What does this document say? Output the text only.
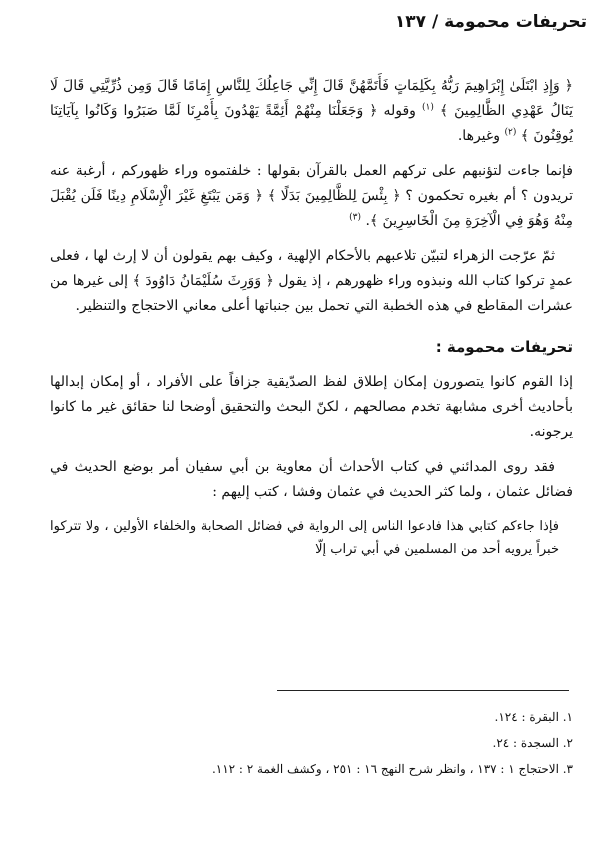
تحريفات محمومة / ١٣٧

﴿ وَإِذِ ابْتَلَىٰ إِبْرَاهِيمَ رَبُّهُ بِكَلِمَاتٍ فَأَتَمَّهُنَّ قَالَ إِنِّي جَاعِلُكَ لِلنَّاسِ إِمَامًا قَالَ وَمِن ذُرِّيَّتِي قَالَ لَا يَنَالُ عَهْدِي الظَّالِمِينَ ﴾ $^{(١)}$ وقوله ﴿ وَجَعَلْنَا مِنْهُمْ أَئِمَّةً يَهْدُونَ بِأَمْرِنَا لَمَّا صَبَرُوا وَكَانُوا بِآيَاتِنَا يُوقِنُونَ ﴾ $^{(٢)}$ وغيرها.

فإنما جاءت لتؤنبهم على تركهم العمل بالقرآن بقولها : خلفتموه وراء ظهوركم ، أرغبة عنه تريدون ؟ أم بغيره تحكمون ؟ ﴿ بِئْسَ لِلظَّالِمِينَ بَدَلًا ﴾ ﴿ وَمَن يَبْتَغِ غَيْرَ الْإِسْلَامِ دِينًا فَلَن يُقْبَلَ مِنْهُ وَهُوَ فِي الْآخِرَةِ مِنَ الْخَاسِرِينَ ﴾. $^{(٣)}$

ثمّ عرّجت الزهراء لتبيّن تلاعبهم بالأحكام الإلهية ، وكيف بهم يقولون أن لا إرث لها ، فعلى عمدٍ تركوا كتاب الله ونبذوه وراء ظهورهم ، إذ يقول ﴿ وَوَرِثَ سُلَيْمَانُ دَاوُودَ ﴾ إلى غيرها من عشرات المقاطع في هذه الخطبة التي تحمل بين جنباتها أعلى معاني الاحتجاج والتنظير.

تحريفات محمومة :

إذا القوم كانوا يتصورون إمكان إطلاق لفظ الصدّيقية جزافاً على الأفراد ، أو إمكان إبدالها بأحاديث أخرى مشابهة تخدم مصالحهم ، لكنّ البحث والتحقيق أوضحا لنا حقائق غير ما كانوا يرجونه.

فقد روى المدائني في كتاب الأحداث أن معاوية بن أبي سفيان أمر بوضع الحديث في فضائل عثمان ، ولما كثر الحديث في عثمان وفشا ، كتب إليهم :

فإذا جاءكم كتابي هذا فادعوا الناس إلى الرواية في فضائل الصحابة والخلفاء الأولين ، ولا تتركوا خبراً يرويه أحد من المسلمين في أبي تراب إلّا

١. البقرة : ١٢٤.
٢. السجدة : ٢٤.
٣. الاحتجاج ١ : ١٣٧ ، وانظر شرح النهج ١٦ : ٢٥١ ، وكشف الغمة ٢ : ١١٢.
